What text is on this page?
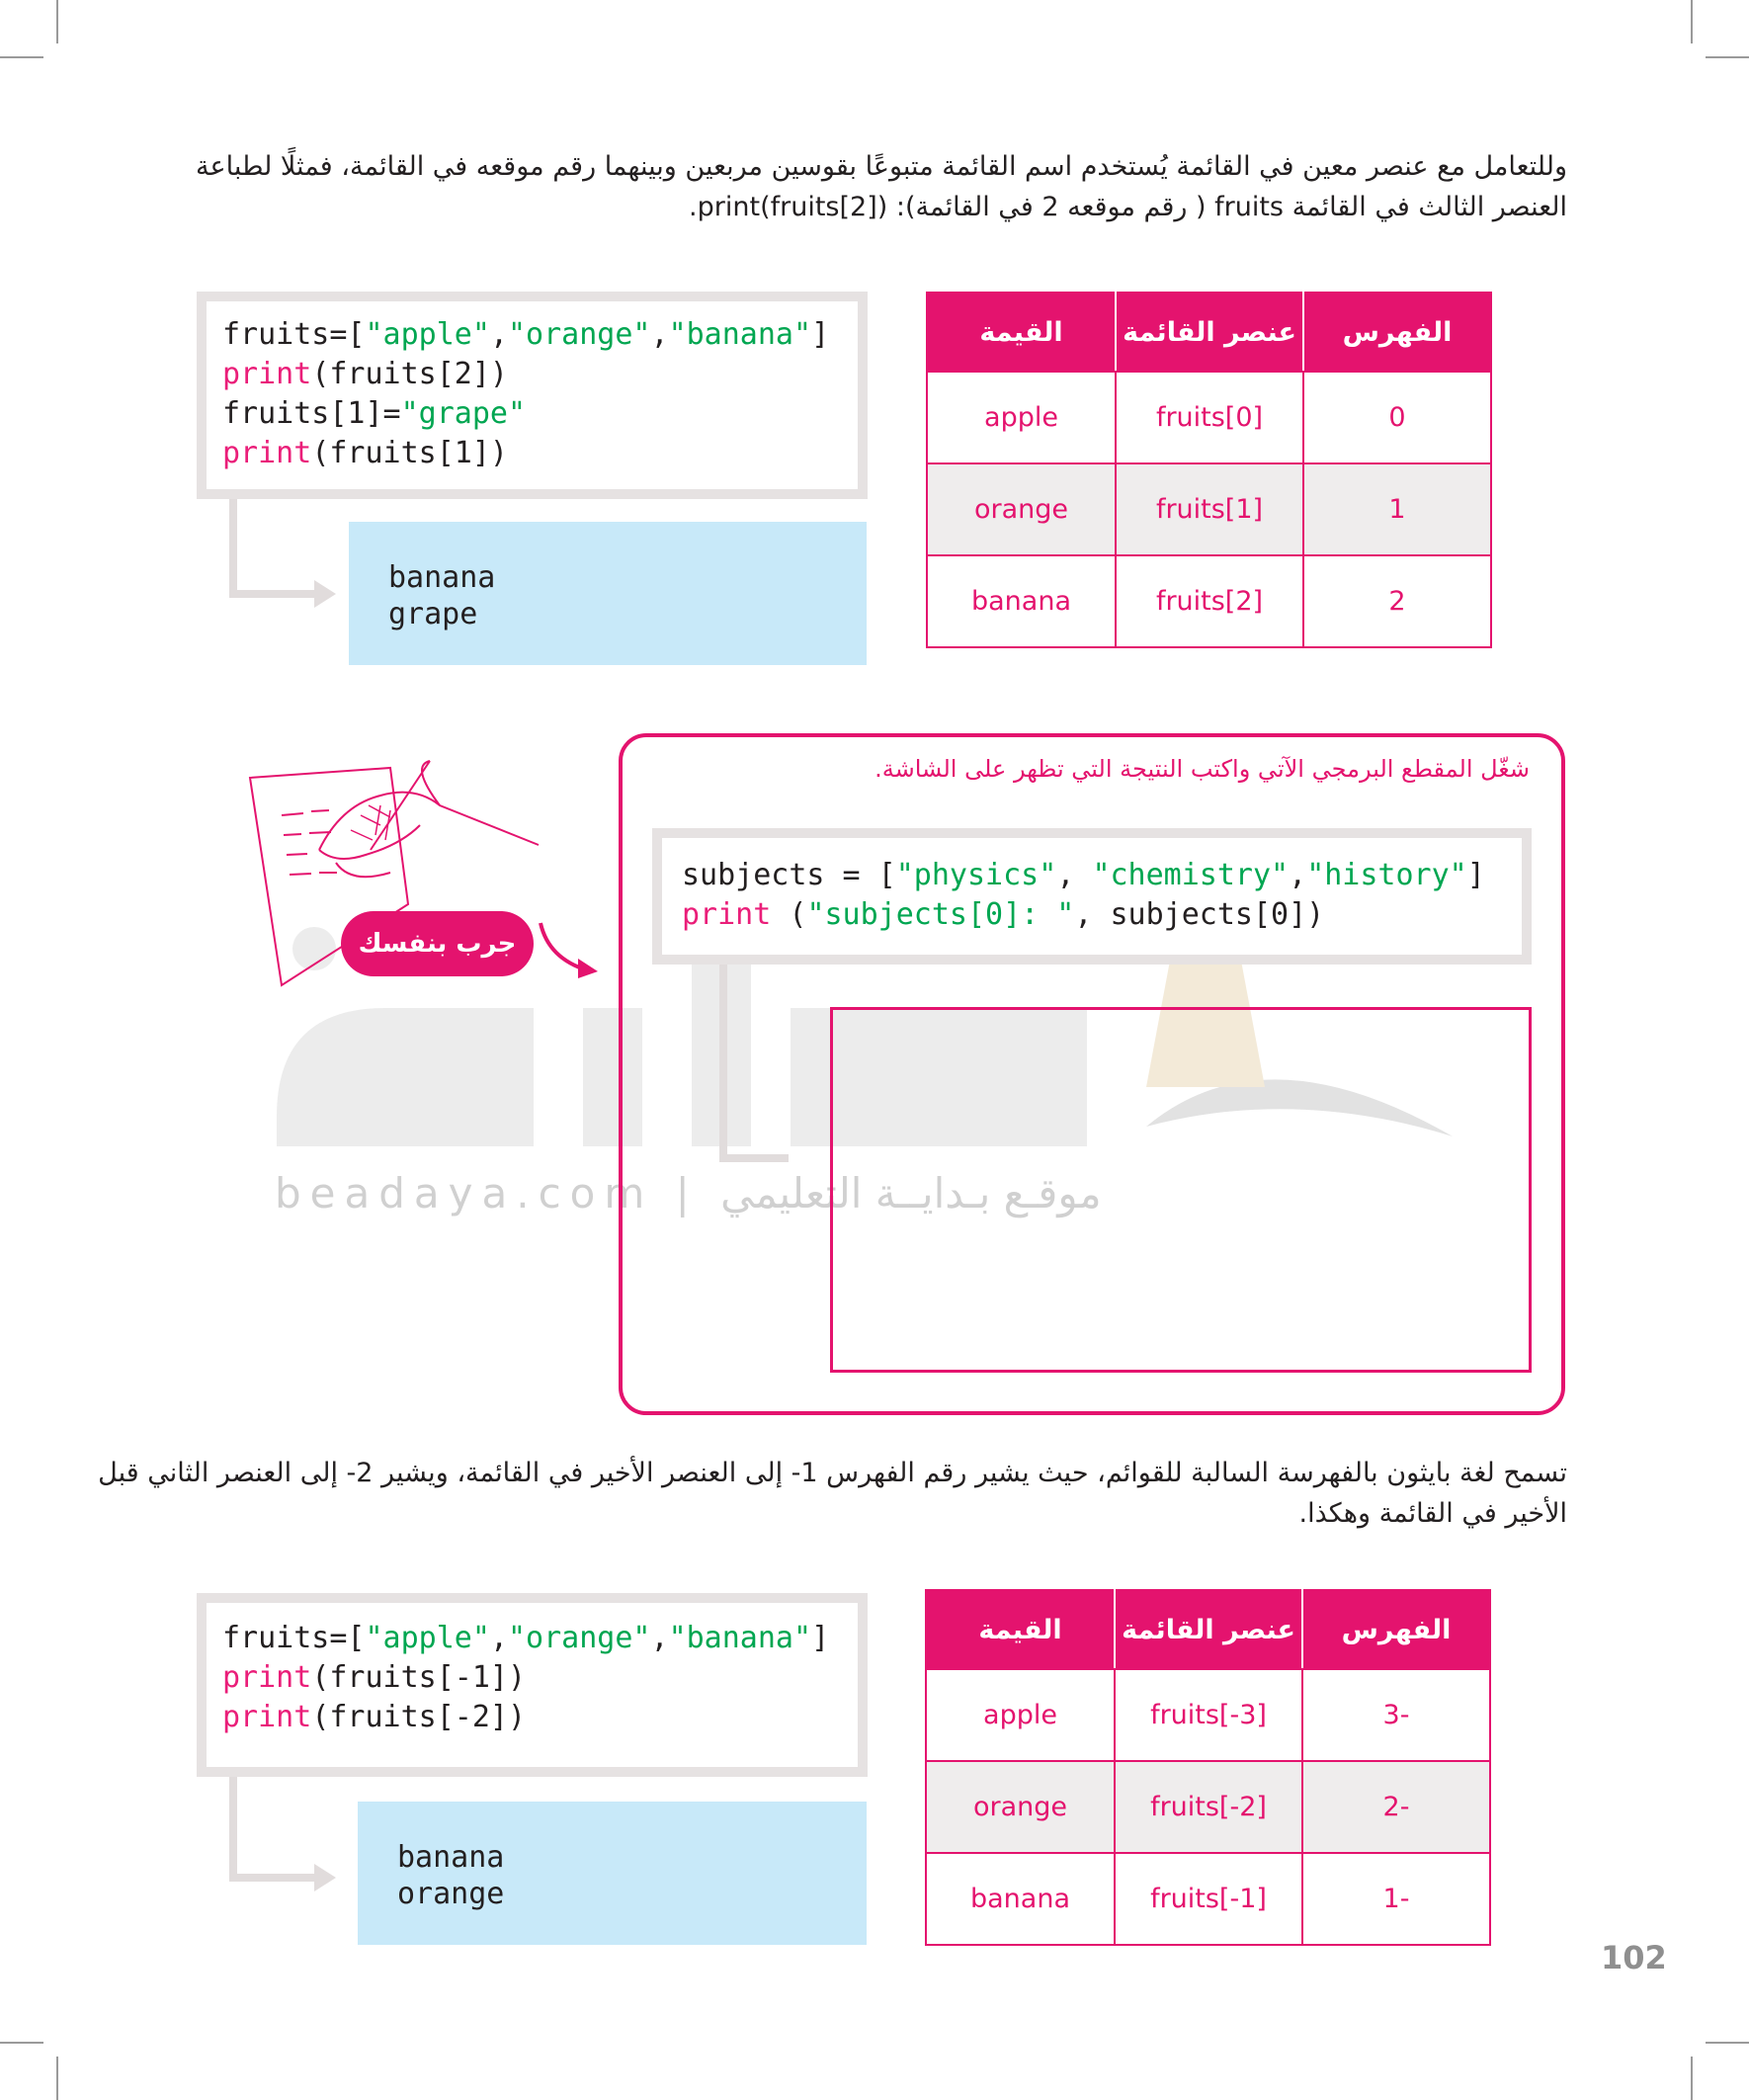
beadaya.com | موقـع بـدايــة التعليمي
وللتعامل مع عنصر معين في القائمة يُستخدم اسم القائمة متبوعًا بقوسين مربعين وبينهما رقم موقعه في القائمة، فمثلًا لطباعة
العنصر الثالث في القائمة fruits ( رقم موقعه 2 في القائمة): ([2]print(fruits.
fruits=["apple","orange","banana"]
print(fruits[2])
fruits[1]="grape"
print(fruits[1])
banana
grape
الفهرس	عنصر القائمة	القيمة
0	fruits[0]	apple
1	fruits[1]	orange
2	fruits[2]	banana
جرب بنفسك
شغّل المقطع البرمجي الآتي واكتب النتيجة التي تظهر على الشاشة.
subjects = ["physics", "chemistry","history"]
print ("subjects[0]: ", subjects[0])
تسمح لغة بايثون بالفهرسة السالبة للقوائم، حيث يشير رقم الفهرس 1- إلى العنصر الأخير في القائمة، ويشير 2- إلى العنصر الثاني قبل
الأخير في القائمة وهكذا.
fruits=["apple","orange","banana"]
print(fruits[-1])
print(fruits[-2])
banana
orange
الفهرس	عنصر القائمة	القيمة
-3	fruits[-3]	apple
-2	fruits[-2]	orange
-1	fruits[-1]	banana
102
